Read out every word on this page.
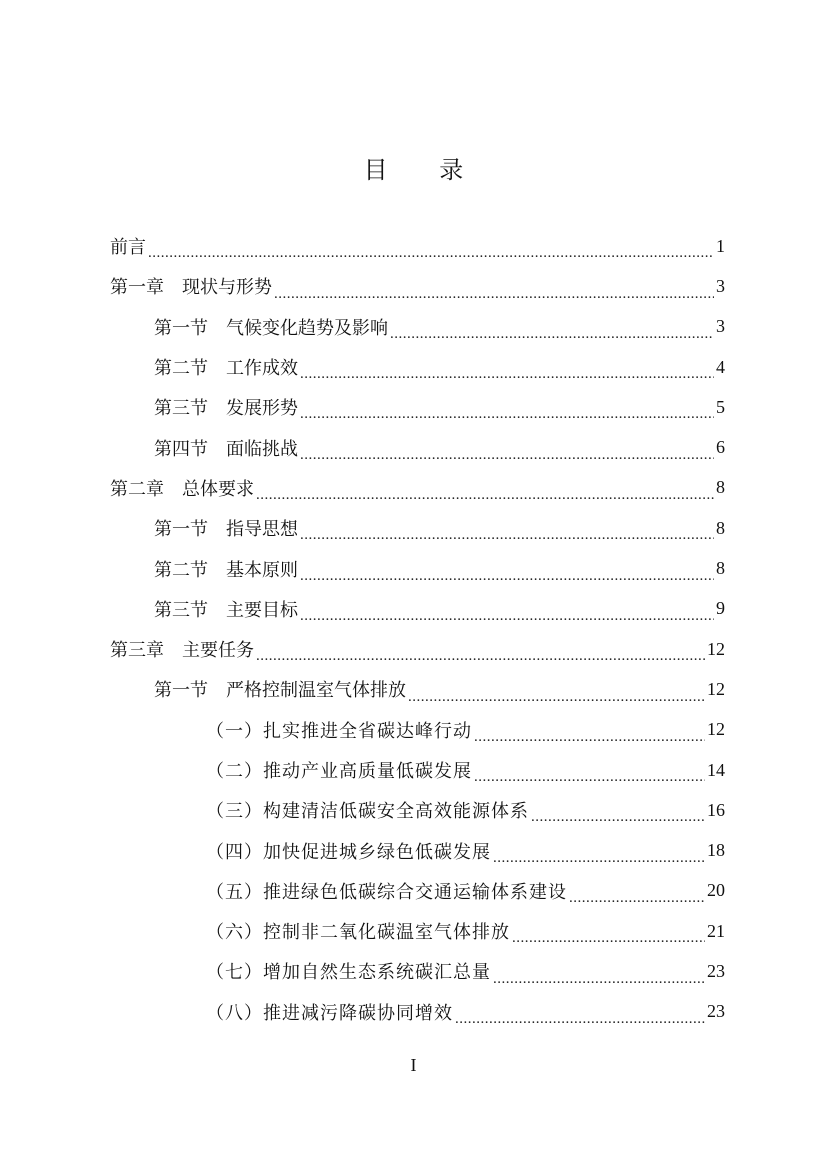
目 录
前言 .....	1
第一章　现状与形势 .....	3
第一节　气候变化趋势及影响 .....	3
第二节　工作成效 .....	4
第三节　发展形势 .....	5
第四节　面临挑战 .....	6
第二章　总体要求 .....	8
第一节　指导思想 .....	8
第二节　基本原则 .....	8
第三节　主要目标 .....	9
第三章　主要任务 .....	12
第一节　严格控制温室气体排放 .....	12
（一）扎实推进全省碳达峰行动 .....	12
（二）推动产业高质量低碳发展 .....	14
（三）构建清洁低碳安全高效能源体系 .....	16
（四）加快促进城乡绿色低碳发展 .....	18
（五）推进绿色低碳综合交通运输体系建设 .....	20
（六）控制非二氧化碳温室气体排放 .....	21
（七）增加自然生态系统碳汇总量 .....	23
（八）推进减污降碳协同增效 .....	23
I
